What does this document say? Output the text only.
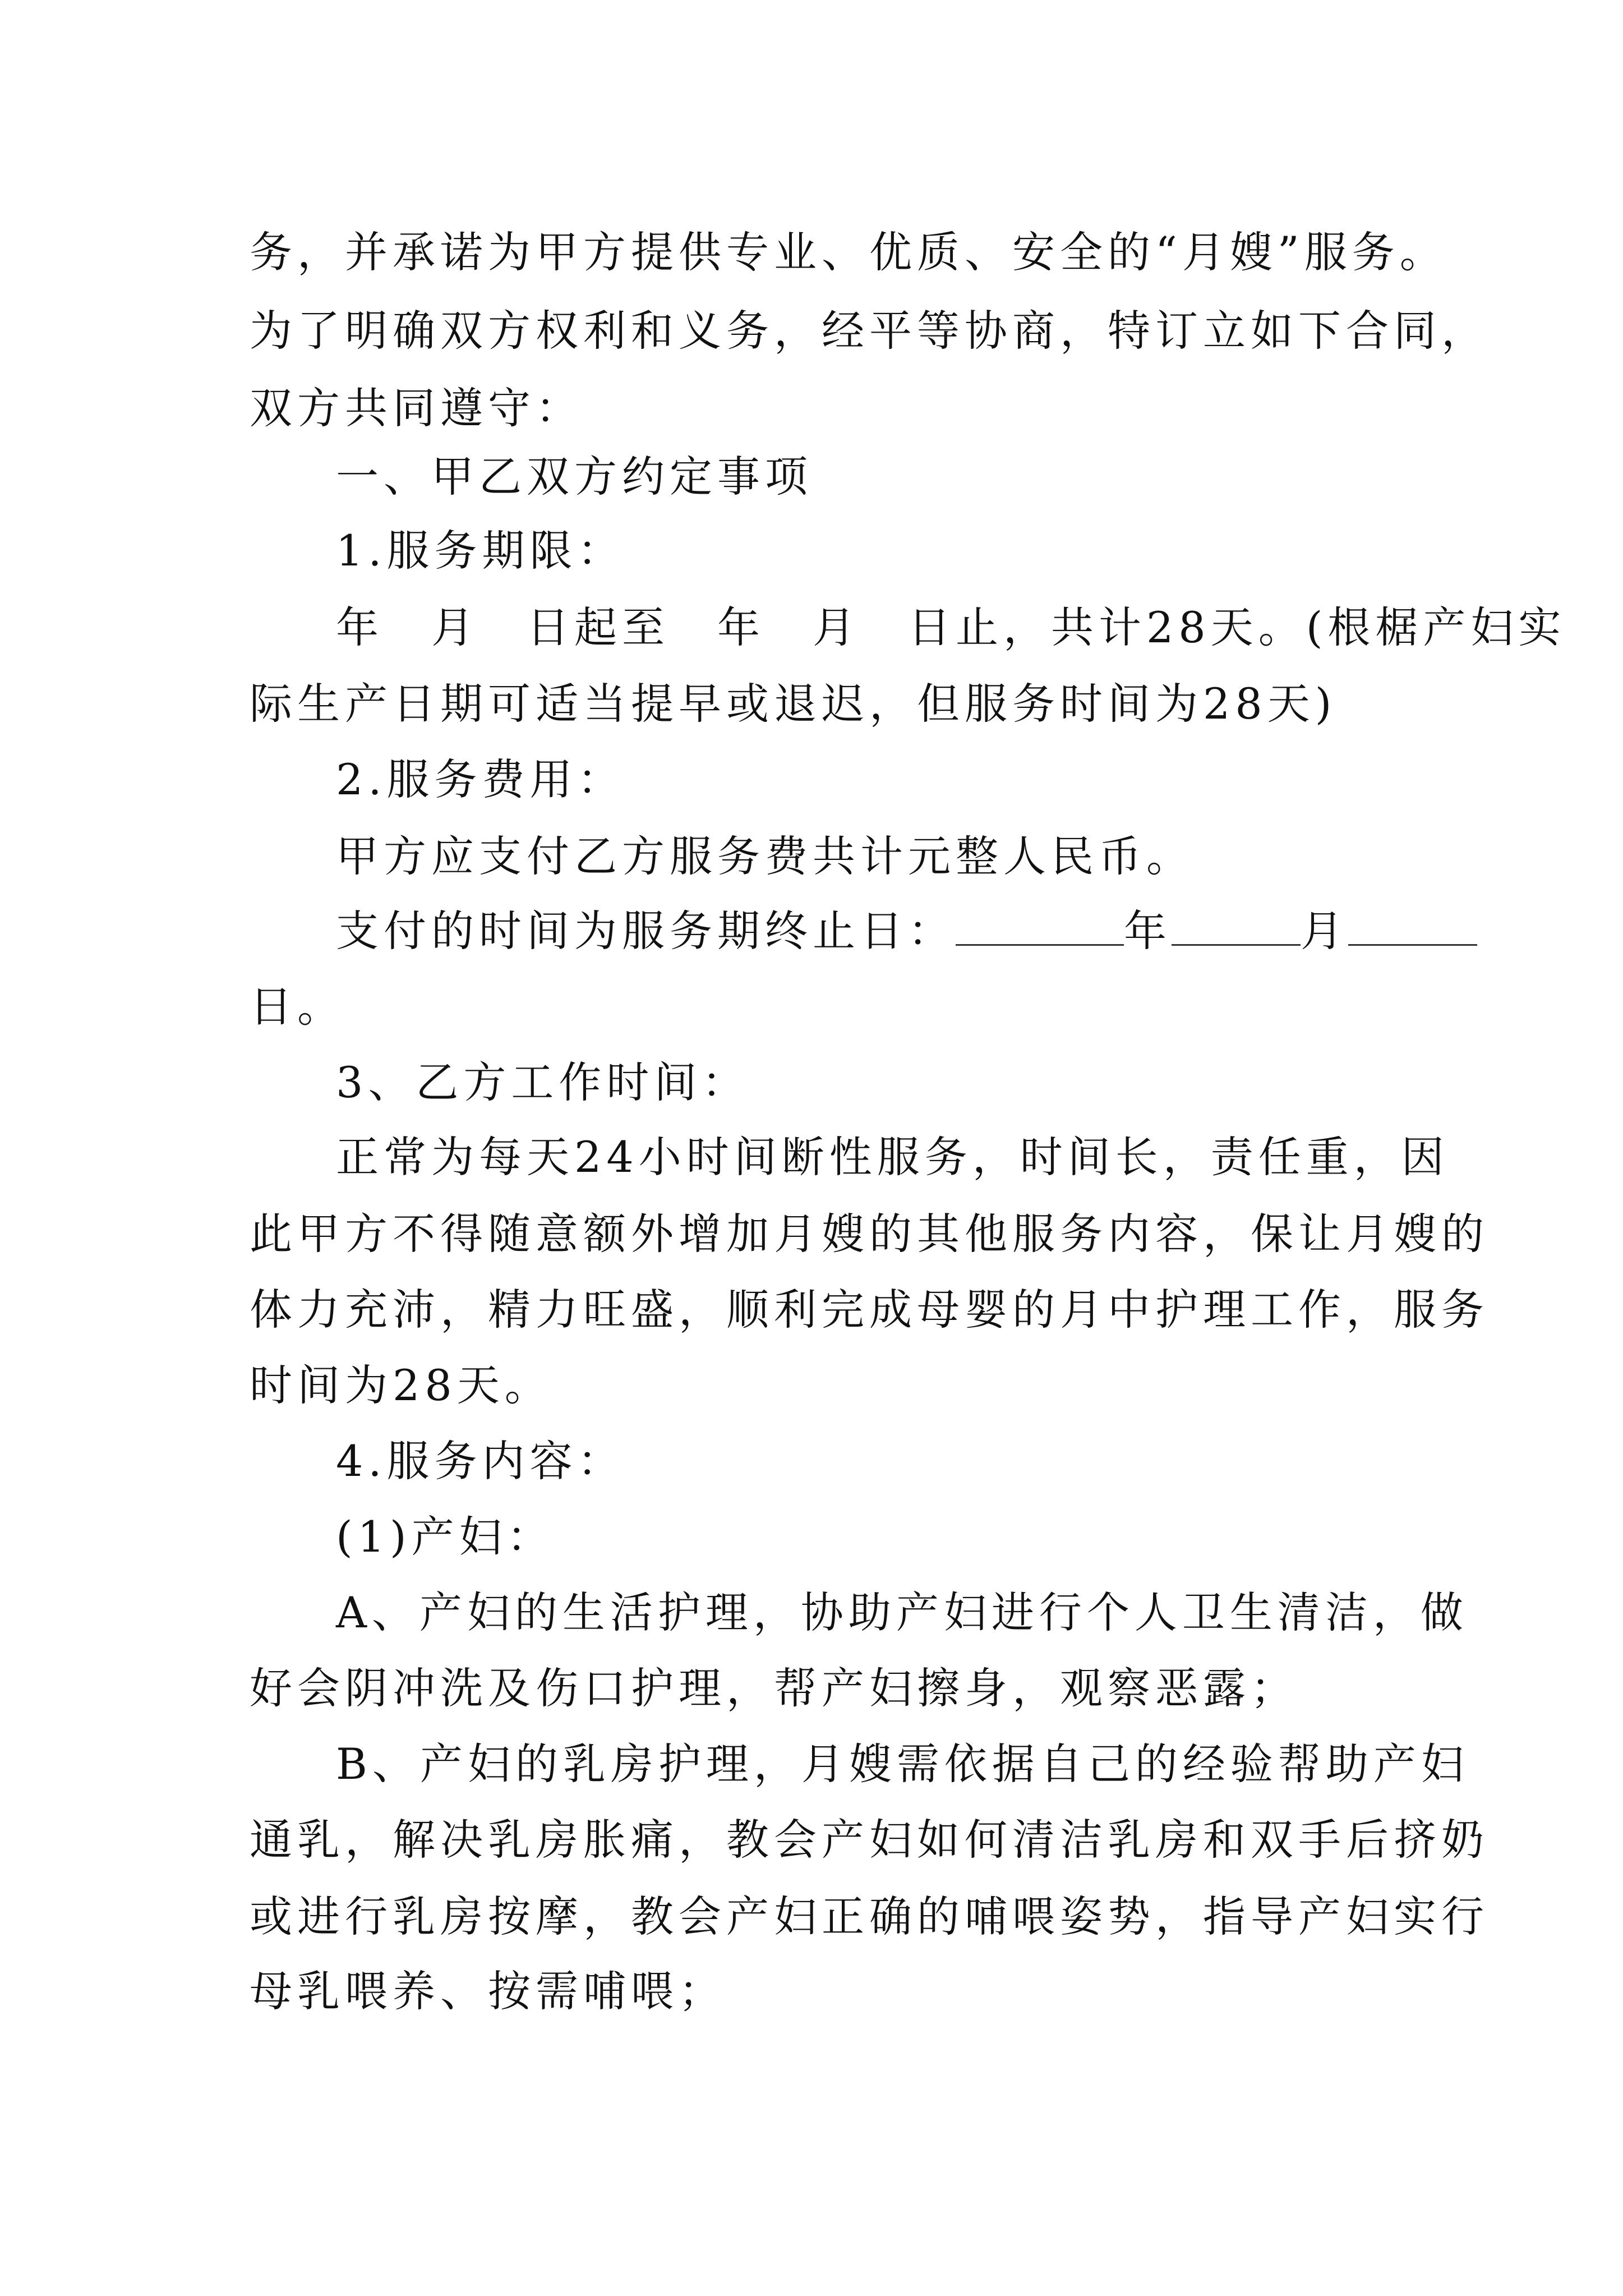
务，并承诺为甲方提供专业、优质、安全的“月嫂”服务。
为了明确双方权利和义务，经平等协商，特订立如下合同，
双方共同遵守：
一、甲乙双方约定事项
1.服务期限：
年　月　日起至　年　月　日止，共计28天。(根椐产妇实
际生产日期可适当提早或退迟，但服务时间为28天)
2.服务费用：
甲方应支付乙方服务费共计元整人民币。
支付的时间为服务期终止日：	年	月
日。
3、乙方工作时间：
正常为每天24小时间断性服务，时间长，责任重，因
此甲方不得随意额外增加月嫂的其他服务内容，保让月嫂的
体力充沛，精力旺盛，顺利完成母婴的月中护理工作，服务
时间为28天。
4.服务内容：
(1)产妇：
A、产妇的生活护理，协助产妇进行个人卫生清洁，做
好会阴冲洗及伤口护理，帮产妇擦身，观察恶露；
B、产妇的乳房护理，月嫂需依据自己的经验帮助产妇
通乳，解决乳房胀痛，教会产妇如何清洁乳房和双手后挤奶
或进行乳房按摩，教会产妇正确的哺喂姿势，指导产妇实行
母乳喂养、按需哺喂；
